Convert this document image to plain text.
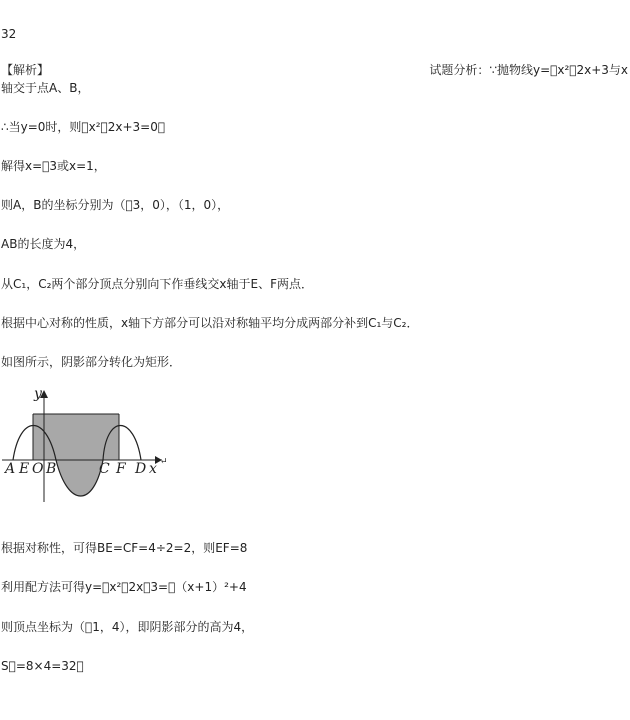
32
【解析】	试题分析：∵抛物线y= x² 2x+3与x
轴交于点A、B，
∴当y=0时，则 x² 2x+3=0，
解得x= 3或x=1，
则A，B的坐标分别为（ 3，0），（1，0），
AB的长度为4，
从C₁，C₂两个部分顶点分别向下作垂线交x轴于E、F两点．
根据中心对称的性质，x轴下方部分可以沿对称轴平均分成两部分补到C₁与C₂．
如图所示，阴影部分转化为矩形．
y
A E O B	C F D x ↵
根据对称性，可得BE=CF=4÷2=2，则EF=8
利用配方法可得y= x² 2x 3= （x+1）²+4
则顶点坐标为（ 1，4），即阴影部分的高为4，
S =8×4=32．
